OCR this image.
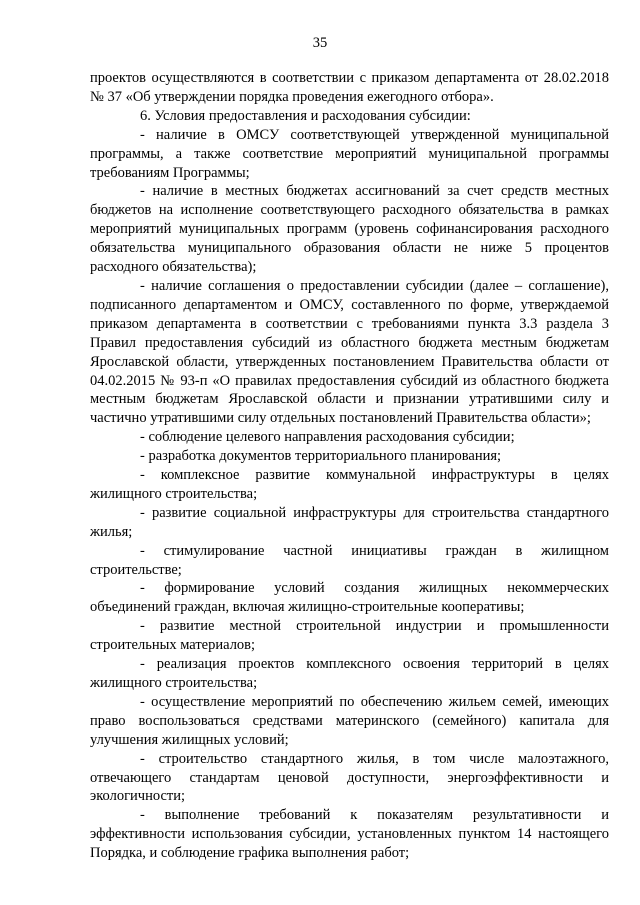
35

проектов осуществляются в соответствии с приказом департамента от 28.02.2018 № 37 «Об утверждении порядка проведения ежегодного отбора».

6. Условия предоставления и расходования субсидии:

- наличие в ОМСУ соответствующей утвержденной муниципальной программы, а также соответствие мероприятий муниципальной программы требованиям Программы;

- наличие в местных бюджетах ассигнований за счет средств местных бюджетов на исполнение соответствующего расходного обязательства в рамках мероприятий муниципальных программ (уровень софинансирования расходного обязательства муниципального образования области не ниже 5 процентов расходного обязательства);

- наличие соглашения о предоставлении субсидии (далее – соглашение), подписанного департаментом и ОМСУ, составленного по форме, утверждаемой приказом департамента в соответствии с требованиями пункта 3.3 раздела 3 Правил предоставления субсидий из областного бюджета местным бюджетам Ярославской области, утвержденных постановлением Правительства области от 04.02.2015 № 93-п «О правилах предоставления субсидий из областного бюджета местным бюджетам Ярославской области и признании утратившими силу и частично утратившими силу отдельных постановлений Правительства области»;

- соблюдение целевого направления расходования субсидии;

- разработка документов территориального планирования;

- комплексное развитие коммунальной инфраструктуры в целях жилищного строительства;

- развитие социальной инфраструктуры для строительства стандартного жилья;

- стимулирование частной инициативы граждан в жилищном строительстве;

- формирование условий создания жилищных некоммерческих объединений граждан, включая жилищно-строительные кооперативы;

- развитие местной строительной индустрии и промышленности строительных материалов;

- реализация проектов комплексного освоения территорий в целях жилищного строительства;

- осуществление мероприятий по обеспечению жильем семей, имеющих право воспользоваться средствами материнского (семейного) капитала для улучшения жилищных условий;

- строительство стандартного жилья, в том числе малоэтажного, отвечающего стандартам ценовой доступности, энергоэффективности и экологичности;

- выполнение требований к показателям результативности и эффективности использования субсидии, установленных пунктом 14 настоящего Порядка, и соблюдение графика выполнения работ;
